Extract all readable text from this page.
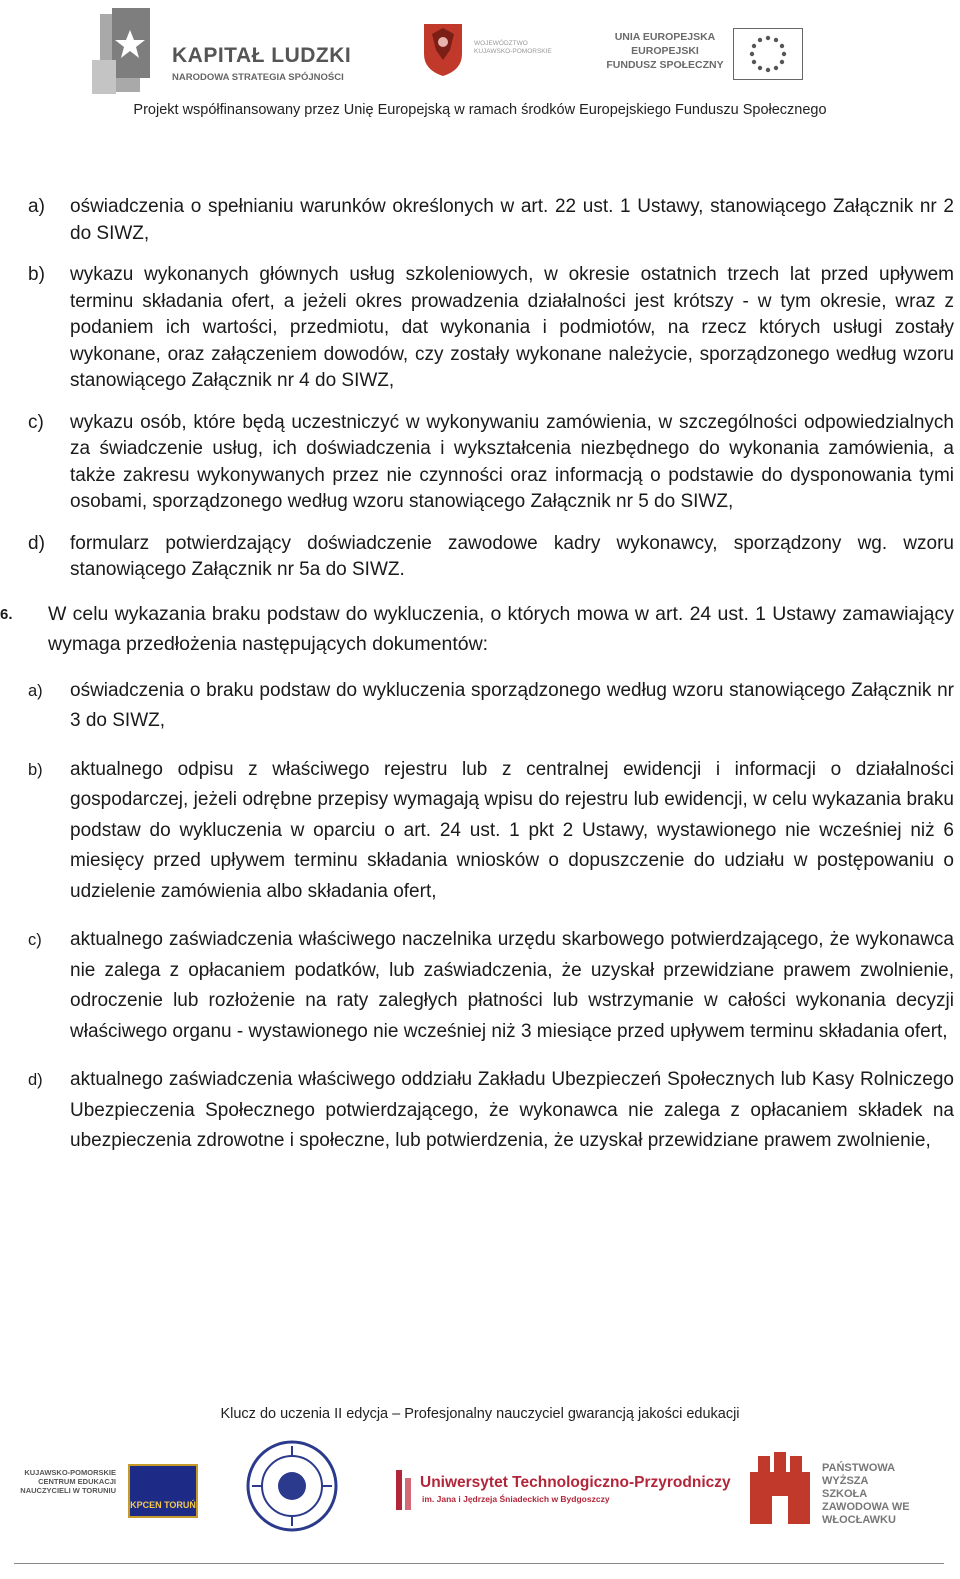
KAPITAŁ LUDZKI
NARODOWA STRATEGIA SPÓJNOŚCI
WOJEWÓDZTWO KUJAWSKO-POMORSKIE
UNIA EUROPEJSKA EUROPEJSKI FUNDUSZ SPOŁECZNY
Projekt współfinansowany przez Unię Europejską w ramach środków Europejskiego Funduszu Społecznego
a) oświadczenia o spełnianiu warunków określonych w art. 22 ust. 1 Ustawy, stanowiącego Załącznik nr 2 do SIWZ,
b) wykazu wykonanych głównych usług szkoleniowych, w okresie ostatnich trzech lat przed upływem terminu składania ofert, a jeżeli okres prowadzenia działalności jest krótszy - w tym okresie, wraz z podaniem ich wartości, przedmiotu, dat wykonania i podmiotów, na rzecz których usługi zostały wykonane, oraz załączeniem dowodów, czy zostały wykonane należycie, sporządzonego według wzoru stanowiącego Załącznik nr 4 do SIWZ,
c) wykazu osób, które będą uczestniczyć w wykonywaniu zamówienia, w szczególności odpowiedzialnych za świadczenie usług, ich doświadczenia i wykształcenia niezbędnego do wykonania zamówienia, a także zakresu wykonywanych przez nie czynności oraz informacją o podstawie do dysponowania tymi osobami, sporządzonego według wzoru stanowiącego Załącznik nr 5 do SIWZ,
d) formularz potwierdzający doświadczenie zawodowe kadry wykonawcy, sporządzony wg. wzoru stanowiącego Załącznik nr 5a do SIWZ.
6.	W celu wykazania braku podstaw do wykluczenia, o których mowa w art. 24 ust. 1 Ustawy zamawiający wymaga przedłożenia następujących dokumentów:
a) oświadczenia o braku podstaw do wykluczenia sporządzonego według wzoru stanowiącego Załącznik nr 3 do SIWZ,
b) aktualnego odpisu z właściwego rejestru lub z centralnej ewidencji i informacji o działalności gospodarczej, jeżeli odrębne przepisy wymagają wpisu do rejestru lub ewidencji, w celu wykazania braku podstaw do wykluczenia w oparciu o art. 24 ust. 1 pkt 2 Ustawy, wystawionego nie wcześniej niż 6 miesięcy przed upływem terminu składania wniosków o dopuszczenie do udziału w postępowaniu o udzielenie zamówienia albo składania ofert,
c) aktualnego zaświadczenia właściwego naczelnika urzędu skarbowego potwierdzającego, że wykonawca nie zalega z opłacaniem podatków, lub zaświadczenia, że uzyskał przewidziane prawem zwolnienie, odroczenie lub rozłożenie na raty zaległych płatności lub wstrzymanie w całości wykonania decyzji właściwego organu - wystawionego nie wcześniej niż 3 miesiące przed upływem terminu składania ofert,
d) aktualnego zaświadczenia właściwego oddziału Zakładu Ubezpieczeń Społecznych lub Kasy Rolniczego Ubezpieczenia Społecznego potwierdzającego, że wykonawca nie zalega z opłacaniem składek na ubezpieczenia zdrowotne i społeczne, lub potwierdzenia, że uzyskał przewidziane prawem zwolnienie,
Klucz do uczenia II edycja – Profesjonalny nauczyciel gwarancją jakości edukacji
KUJAWSKO-POMORSKIE CENTRUM EDUKACJI NAUCZYCIELI W TORUNIU
KPCEN TORUŃ
Uniwersytet Technologiczno-Przyrodniczy
im. Jana i Jędrzeja Śniadeckich w Bydgoszczy
PAŃSTWOWA WYŻSZA SZKOŁA ZAWODOWA WE WŁOCŁAWKU
